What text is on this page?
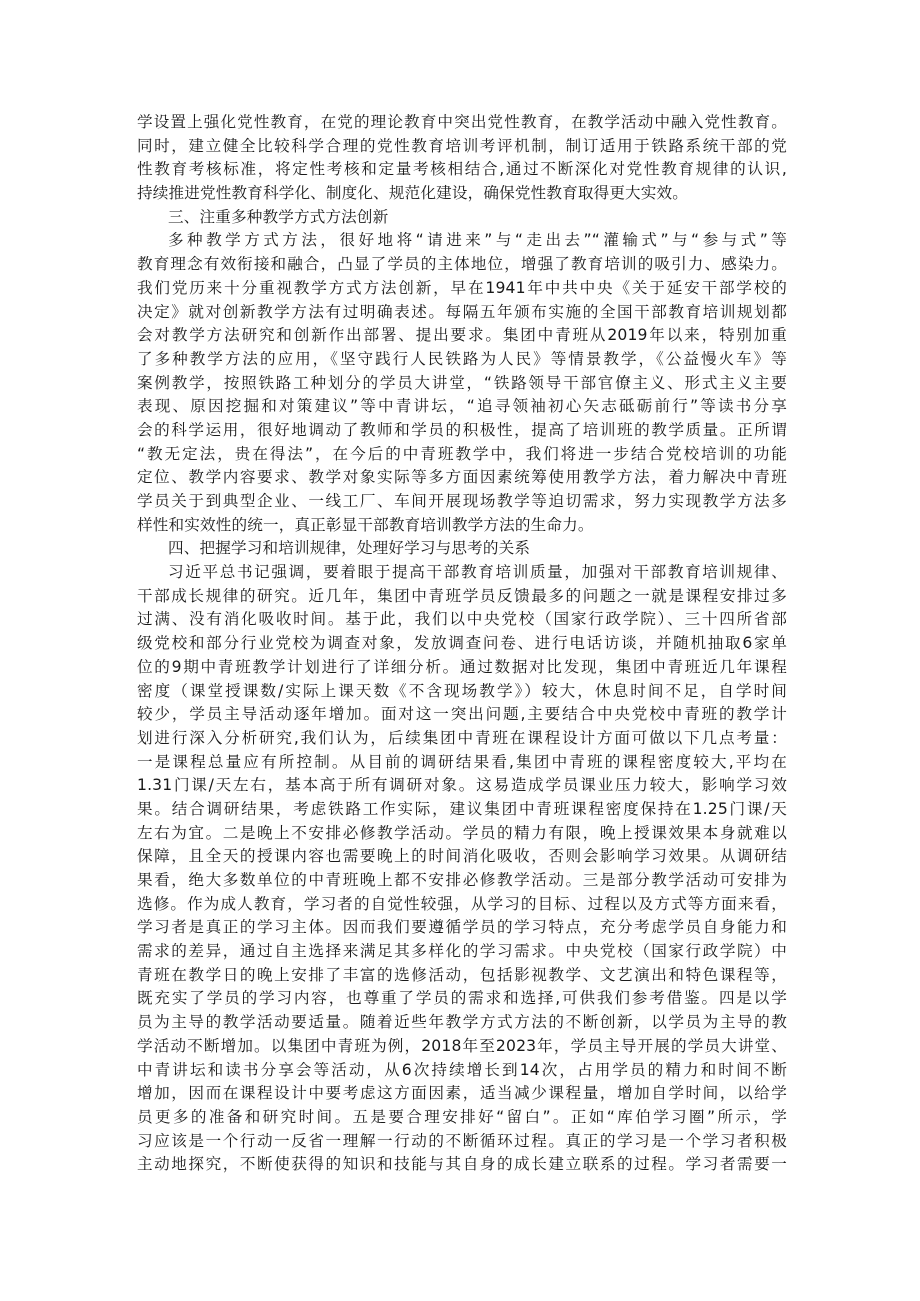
学设置上强化党性教育，在党的理论教育中突出党性教育，在教学活动中融入党性教育。
同时，建立健全比较科学合理的党性教育培训考评机制，制订适用于铁路系统干部的党
性教育考核标准，将定性考核和定量考核相结合,通过不断深化对党性教育规律的认识,
持续推进党性教育科学化、制度化、规范化建设，确保党性教育取得更大实效。
三、注重多种教学方式方法创新
多种教学方式方法，很好地将“请进来”与“走出去”“灌输式”与“参与式”等
教育理念有效衔接和融合，凸显了学员的主体地位，增强了教育培训的吸引力、感染力。
我们党历来十分重视教学方式方法创新，早在1941年中共中央《关于延安干部学校的
决定》就对创新教学方法有过明确表述。每隔五年颁布实施的全国干部教育培训规划都
会对教学方法研究和创新作出部署、提出要求。集团中青班从2019年以来，特别加重
了多种教学方法的应用，《坚守践行人民铁路为人民》等情景教学，《公益慢火车》等
案例教学，按照铁路工种划分的学员大讲堂，“铁路领导干部官僚主义、形式主义主要
表现、原因挖掘和对策建议”等中青讲坛，“追寻领袖初心矢志砥砺前行”等读书分享
会的科学运用，很好地调动了教师和学员的积极性，提高了培训班的教学质量。正所谓
“教无定法，贵在得法”，在今后的中青班教学中，我们将进一步结合党校培训的功能
定位、教学内容要求、教学对象实际等多方面因素统筹使用教学方法，着力解决中青班
学员关于到典型企业、一线工厂、车间开展现场教学等迫切需求，努力实现教学方法多
样性和实效性的统一，真正彰显干部教育培训教学方法的生命力。
四、把握学习和培训规律，处理好学习与思考的关系
习近平总书记强调，要着眼于提高干部教育培训质量，加强对干部教育培训规律、
干部成长规律的研究。近几年，集团中青班学员反馈最多的问题之一就是课程安排过多
过满、没有消化吸收时间。基于此，我们以中央党校（国家行政学院）、三十四所省部
级党校和部分行业党校为调查对象，发放调查问卷、进行电话访谈，并随机抽取6家单
位的9期中青班教学计划进行了详细分析。通过数据对比发现，集团中青班近几年课程
密度（课堂授课数/实际上课天数《不含现场教学》）较大，休息时间不足，自学时间
较少，学员主导活动逐年增加。面对这一突出问题,主要结合中央党校中青班的教学计
划进行深入分析研究,我们认为，后续集团中青班在课程设计方面可做以下几点考量：
一是课程总量应有所控制。从目前的调研结果看,集团中青班的课程密度较大,平均在
1.31门课/天左右，基本高于所有调研对象。这易造成学员课业压力较大，影响学习效
果。结合调研结果，考虑铁路工作实际，建议集团中青班课程密度保持在1.25门课/天
左右为宜。二是晚上不安排必修教学活动。学员的精力有限，晚上授课效果本身就难以
保障，且全天的授课内容也需要晚上的时间消化吸收，否则会影响学习效果。从调研结
果看，绝大多数单位的中青班晚上都不安排必修教学活动。三是部分教学活动可安排为
选修。作为成人教育，学习者的自觉性较强，从学习的目标、过程以及方式等方面来看，
学习者是真正的学习主体。因而我们要遵循学员的学习特点，充分考虑学员自身能力和
需求的差异，通过自主选择来满足其多样化的学习需求。中央党校（国家行政学院）中
青班在教学日的晚上安排了丰富的选修活动，包括影视教学、文艺演出和特色课程等，
既充实了学员的学习内容，也尊重了学员的需求和选择,可供我们参考借鉴。四是以学
员为主导的教学活动要适量。随着近些年教学方式方法的不断创新，以学员为主导的教
学活动不断增加。以集团中青班为例，2018年至2023年，学员主导开展的学员大讲堂、
中青讲坛和读书分享会等活动，从6次持续增长到14次，占用学员的精力和时间不断
增加，因而在课程设计中要考虑这方面因素，适当减少课程量，增加自学时间，以给学
员更多的准备和研究时间。五是要合理安排好“留白”。正如“库伯学习圈”所示，学
习应该是一个行动一反省一理解一行动的不断循环过程。真正的学习是一个学习者积极
主动地探究，不断使获得的知识和技能与其自身的成长建立联系的过程。学习者需要一
